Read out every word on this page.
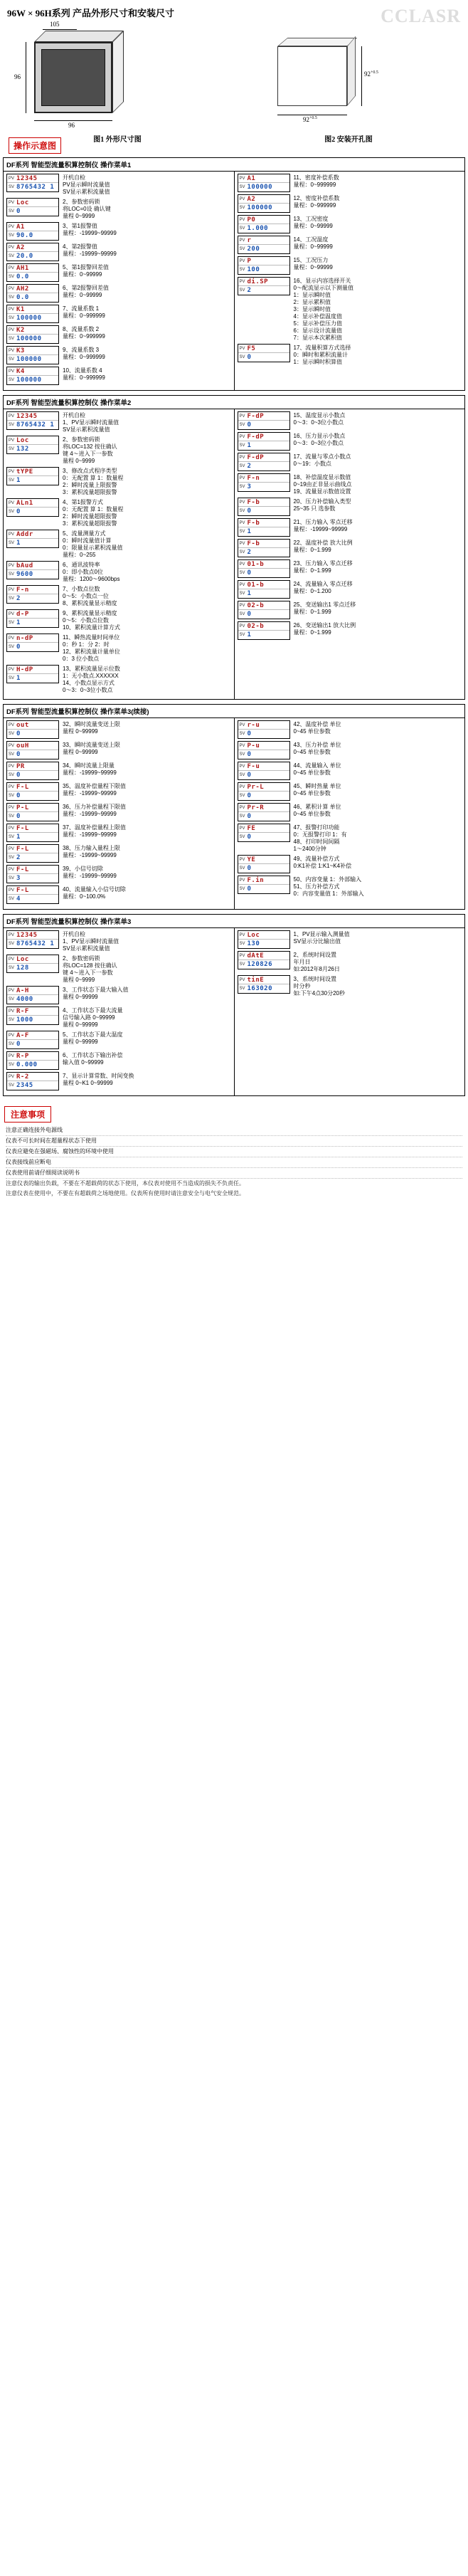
CCLASR
96W × 96H系列 产品外形尺寸和安装尺寸
105
96
96
图1 外形尺寸图
$92^{+0.5}$
$92^{+0.5}$
图2 安装开孔图
操作示意图
DF系列 智能型流量积算控制仪 操作菜单1
PV 12345
SV 8765432 1
开机自检
PV显示瞬时流量值
SV显示累积流量值
PV Loc
SV 0
2、参数密码锁
将LOC=0设 确认键
量程 0~9999
PV A1
SV 90.0
3、第1报警值
量程：-19999~99999
PV A2
SV 20.0
4、第2报警值
量程：-19999~99999
PV AH1
SV 0.0
5、第1报警回差值
量程：0~99999
PV AH2
SV 0.0
6、第2报警回差值
量程：0~99999
PV K1
SV 100000
7、流量系数 1
量程：0~999999
PV K2
SV 100000
8、流量系数 2
量程：0~999999
PV K3
SV 100000
9、流量系数 3
量程：0~999999
PV K4
SV 100000
10、流量系数 4
量程：0~999999
PV A1
SV 100000
11、密度补偿系数
量程：0~999999
PV A2
SV 100000
12、密度补偿系数
量程：0~999999
PV P0
SV 1.000
13、工况密度
量程：0~99999
PV r
SV 200
14、工况温度
量程：0~99999
PV P
SV 100
15、工况压力
量程：0~99999
PV di.SP
SV 2
16、显示内容选择开关
0～配流显示以下测量值
1：显示瞬时值
2：显示累积值
3：显示瞬时值
4：显示补偿温度值
5：显示补偿压力值
6：显示设计流量值
7：显示本次累积值
PV F5
SV 0
17、流量积算方式选择
0：瞬时和累积流量计
1：显示瞬时积算值
DF系列 智能型流量积算控制仪 操作菜单2
PV 12345
SV 8765432 1
开机自检
1、PV显示瞬时流量值
SV显示累积流量值
PV Loc
SV 132
2、参数密码锁
将LOC=132 按住确认
键 4～进入下一参数
量程 0~9999
PV tYPE
SV 1
3、修改点式程序类型
0：无配置 算 1：数量程
2：瞬时流量上限报警
3：累积流量超限报警
PV ALn1
SV 0
4、第1报警方式
0：无配置 算 1：数量程
2：瞬时流量超限报警
3：累积流量超限报警
PV Addr
SV 1
5、流量测量方式
0：瞬时流量值计算
0：限量显示累积流量值
量程：0~255
PV bAud
SV 9600
6、通讯波特率
0：即小数点0位
量程：1200～9600bps
PV F-n
SV 2
7、小数点位数
0～5：小数点一位
8、累积流量显示精度
PV d-P
SV 1
9、累积流量显示精度
0～5：小数点位数
10、累积流量计算方式
PV n-dP
SV 0
11、瞬热流量时间单位
0：秒 1：分 2：时
12、累积流量计量单位
0：3 位小数点
PV H-dP
SV 1
13、累积流量显示位数
1：无小数点.XXXXXX
14、小数点显示方式
0～3：0~3位小数点
PV F-dP
SV 0
15、温度显示小数点
0～3：0~3位小数点
PV F-dP
SV 1
16、压力显示小数点
0～3：0~3位小数点
PV F-dP
SV 2
17、流量与零点小数点
0～19：小数点
PV F-n
SV 3
18、补偿温度显示数值
0~19由正非显示曲线点
19、流量显示数值设置
PV F-b
SV 0
20、压力补偿输入类型
25~35 只 选参数
PV F-b
SV 1
21、压力输入 零点迁移
量程：-19999~99999
PV F-b
SV 2
22、温度补偿 放大比例
量程：0~1.999
PV 01-b
SV 0
23、压力输入 零点迁移
量程：0~1.999
PV 01-b
SV 1
24、流量输入 零点迁移
量程：0~1.200
PV 02-b
SV 0
25、变送输出1 零点迁移
量程：0~1.999
PV 02-b
SV 1
26、变送输出1 放大比例
量程：0~1.999
DF系列 智能型流量积算控制仪 操作菜单3(续接)
PV out
SV 0
32、瞬时流量变送上限
量程 0~99999
PV ouH
SV 0
33、瞬时流量变送上限
量程 0~99999
PV PR
SV 0
34、瞬时流量上限量
量程：-19999~99999
PV F-L
SV 0
35、温度补偿量程下限值
量程：-19999~99999
PV P-L
SV 0
36、压力补偿量程下限值
量程：-19999~99999
PV F-L
SV 1
37、温度补偿量程上限值
量程：-19999~99999
PV F-L
SV 2
38、压力输入量程上限
量程：-19999~99999
PV F-L
SV 3
39、小信号切除
量程：-19999~99999
PV F-L
SV 4
40、流量输入小信号切除
量程：0~100.0%
PV r-u
SV 0
42、温度补偿 单位
0~45 单位参数
PV P-u
SV 0
43、压力补偿 单位
0~45 单位参数
PV F-u
SV 0
44、流量输入 单位
0~45 单位参数
PV Pr-L
SV 0
45、瞬时热量 单位
0~45 单位参数
PV Pr-R
SV 0
46、累积计算 单位
0~45 单位参数
PV FE
SV 0
47、报警打印功能
0：无报警打印 1：有
48、打印时间间隔
1～2400分钟
PV YE
SV 0
49、流量补偿方式
0:K1补偿 1:K1~K4补偿
PV F.in
SV 0
50、内容变量 1：外部输入
51、压力补偿方式
0：内容变量值 1：外部输入
DF系列 智能型流量积算控制仪 操作菜单3
PV 12345
SV 8765432 1
开机自检
1、PV显示瞬时流量值
SV显示累积流量值
PV Loc
SV 128
2、参数密码锁
将LOC=128 按住确认
键 4～进入下一参数
量程 0~9999
PV A-H
SV 4000
3、工作状态下最大输入值
量程 0~99999
PV R-F
SV 1000
4、工作状态下最大流量
信号输入路 0~99999
量程 0~99999
PV A-F
SV 0
5、工作状态下最大温度
量程 0~99999
PV R-P
SV 0.000
6、工作状态下输出补偿
输入值 0~99999
PV R-2
SV 2345
7、显示计算常数、时间变换
量程 0~K1 0~99999
PV Loc
SV 130
1、PV显示输入测量值
SV显示分比输出值
PV dAtE
SV 120826
2、系统时间设置
年月日
如:2012年8月26日
PV tinE
SV 163020
3、系统时间设置
时分秒
如:下午4点30分20秒
注意事项
注意正确连接外电源线
仪表不可长时间在超量程状态下使用
仪表应避免在强磁场、腐蚀性的环境中使用
仪表接线前应断电
仪表使用前请仔细阅读说明书
注意仪表的输出负载，不要在不超载荷的状态下使用，本仪表对使用不当造成的损失不负责任。
注意仪表在使用中，不要在有超载荷之场地使用。仪表所有使用时请注意安全与电气安全规范。
